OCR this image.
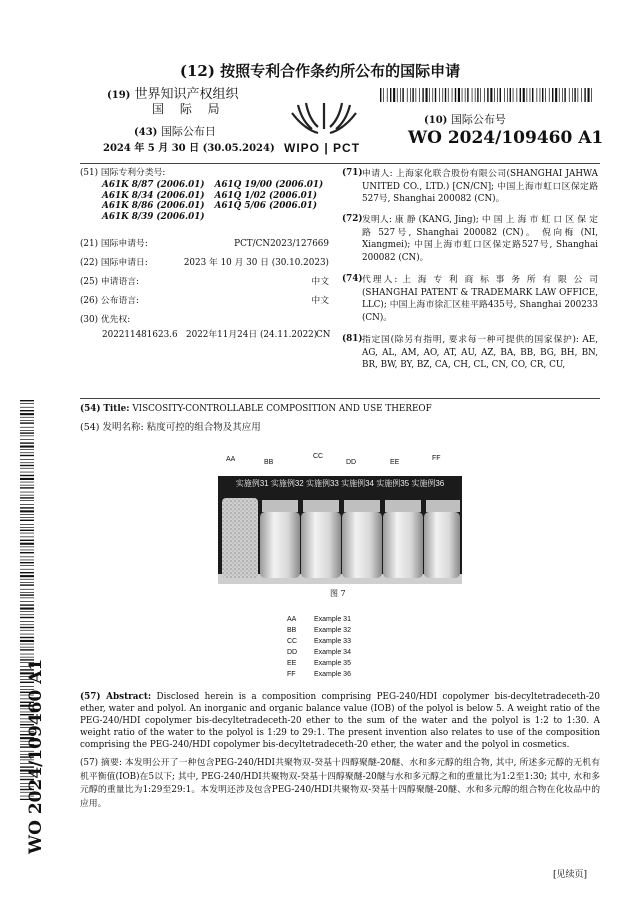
(12) 按照专利合作条约所公布的国际申请
(19) 世界知识产权组织
国 际 局
(43) 国际公布日
2024 年 5 月 30 日 (30.05.2024) WIPO | PCT
(10) 国际公布号
WO 2024/109460 A1
(51) 国际专利分类号:
A61K 8/87 (2006.01)	A61Q 19/00 (2006.01)
A61K 8/34 (2006.01)	A61Q 1/02 (2006.01)
A61K 8/86 (2006.01)	A61Q 5/06 (2006.01)
A61K 8/39 (2006.01)	
(21) 国际申请号:	PCT/CN2023/127669
(22) 国际申请日:	2023 年 10 月 30 日 (30.10.2023)
(25) 申请语言:	中文
(26) 公布语言:	中文
(30) 优先权:
202211481623.6 2022年11月24日 (24.11.2022)
CN
(71) 申请人: 上海家化联合股份有限公司(SHANGHAI JAHWA UNITED CO., LTD.) [CN/CN]; 中国上海市虹口区保定路527号, Shanghai 200082 (CN)。
(72) 发明人: 康 静 (KANG, Jing); 中 国 上 海 市 虹 口 区 保 定 路 527号, Shanghai 200082 (CN)。 倪向梅 (NI, Xiangmei); 中国上海市虹口区保定路527号, Shanghai 200082 (CN)。
(74) 代理人: 上 海 专 利 商 标 事 务 所 有 限 公 司 (SHANGHAI PATENT & TRADEMARK LAW OFFICE, LLC); 中国上海市徐汇区桂平路435号, Shanghai 200233 (CN)。
(81) 指定国(除另有指明, 要求每一种可提供的国家保护): AE, AG, AL, AM, AO, AT, AU, AZ, BA, BB, BG, BH, BN, BR, BW, BY, BZ, CA, CH, CL, CN, CO, CR, CU,
(54) Title: VISCOSITY-CONTROLLABLE COMPOSITION AND USE THEREOF
(54) 发明名称: 粘度可控的组合物及其应用
WO 2024/109460 A1
AA	BB
CC
DD	EE
FF
实施例31 实施例32 实施例33 实施例34 实施例35 实施例36
图 7
AA	Example 31
BB	Example 32
CC Example 33
DD Example 34
EE	Example 35
FF	Example 36
(57) Abstract: Disclosed herein is a composition comprising PEG-240/HDI copolymer bis-decyltetradeceth-20 ether, water and polyol. An inorganic and organic balance value (IOB) of the polyol is below 5. A weight ratio of the PEG-240/HDI copolymer bis-decyltetradeceth-20 ether to the sum of the water and the polyol is 1:2 to 1:30. A weight ratio of the water to the polyol is 1:29 to 29:1. The present invention also relates to use of the composition comprising the PEG-240/HDI copolymer bis-decyltetradeceth-20 ether, the water and the polyol in cosmetics.
(57) 摘要: 本发明公开了一种包含PEG-240/HDI共聚物双-癸基十四醇聚醚-20醚、水和多元醇的组合物, 其中, 所述多元醇的无机有机平衡值(IOB)在5以下; 其中, PEG-240/HDI共聚物双-癸基十四醇聚醚-20醚与水和多元醇之和的重量比为1:2至1:30; 其中, 水和多元醇的重量比为1:29至29:1。本发明还涉及包含PEG-240/HDI共聚物双-癸基十四醇聚醚-20醚、水和多元醇的组合物在化妆品中的应用。
[见续页]
